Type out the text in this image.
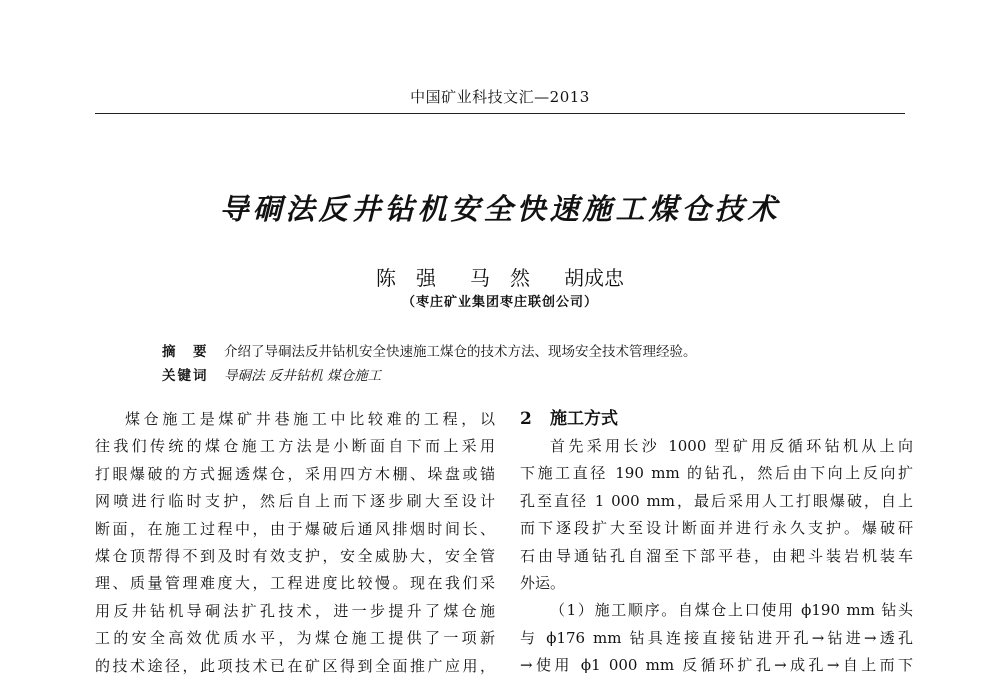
中国矿业科技文汇—2013
导硐法反井钻机安全快速施工煤仓技术
陈　强 马　然 胡成忠
（枣庄矿业集团枣庄联创公司）
摘　要 介绍了导硐法反井钻机安全快速施工煤仓的技术方法、现场安全技术管理经验。
关键词 导硐法 反井钻机 煤仓施工

煤仓施工是煤矿井巷施工中比较难的工程，以

往我们传统的煤仓施工方法是小断面自下而上采用

打眼爆破的方式掘透煤仓，采用四方木棚、垛盘或锚

网喷进行临时支护，然后自上而下逐步刷大至设计

断面，在施工过程中，由于爆破后通风排烟时间长、

煤仓顶帮得不到及时有效支护，安全威胁大，安全管

理、质量管理难度大，工程进度比较慢。现在我们采

用反井钻机导硐法扩孔技术，进一步提升了煤仓施

工的安全高效优质水平，为煤仓施工提供了一项新

的技术途径，此项技术已在矿区得到全面推广应用，

2 施工方式

首先采用长沙 1000 型矿用反循环钻机从上向

下施工直径 190 mm 的钻孔，然后由下向上反向扩

孔至直径 1 000 mm，最后采用人工打眼爆破，自上

而下逐段扩大至设计断面并进行永久支护。爆破矸

石由导通钻孔自溜至下部平巷，由耙斗装岩机装车

外运。

（1）施工顺序。自煤仓上口使用 ϕ190 mm 钻头

与 ϕ176 mm 钻具连接直接钻进开孔→钻进→透孔

→使用 ϕ1 000 mm 反循环扩孔→成孔→自上而下
